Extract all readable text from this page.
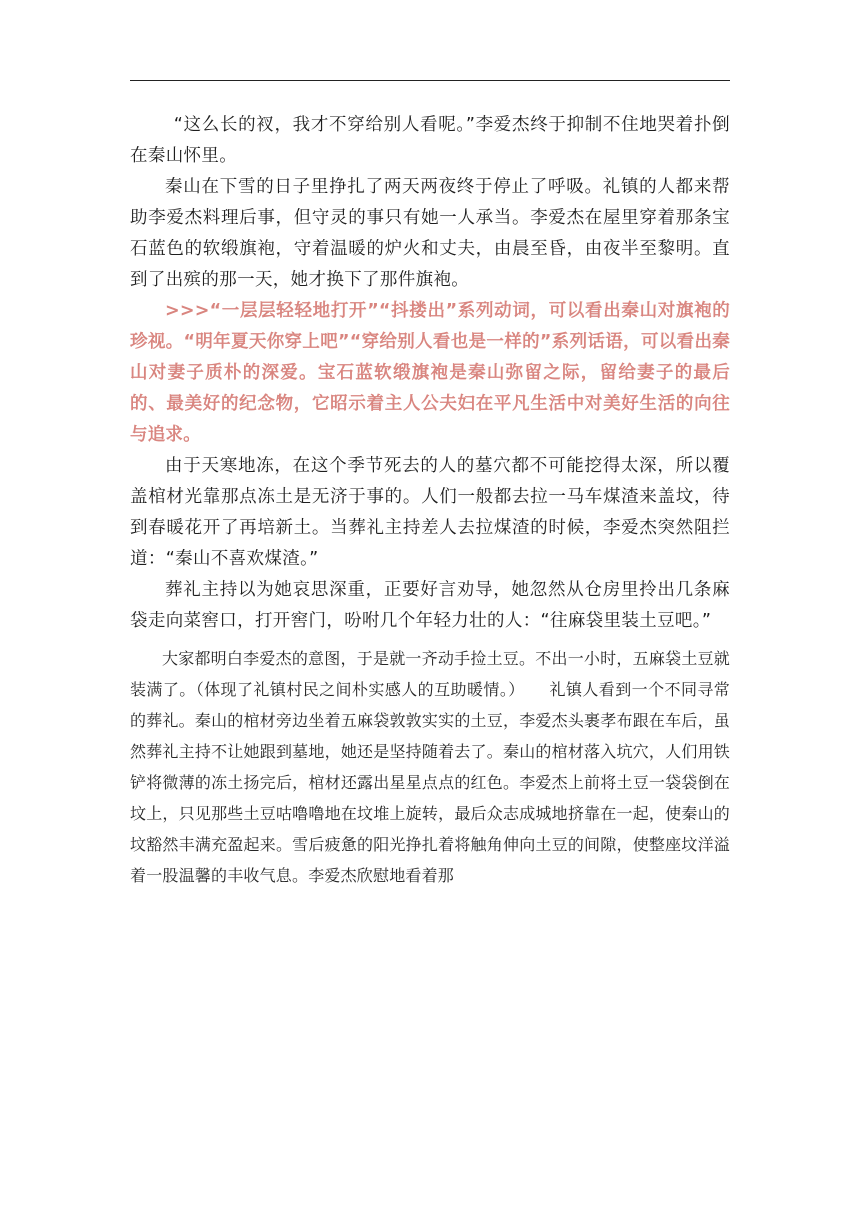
“这么长的衩，我才不穿给别人看呢。”李爱杰终于抑制不住地哭着扑倒在秦山怀里。

秦山在下雪的日子里挣扎了两天两夜终于停止了呼吸。礼镇的人都来帮助李爱杰料理后事，但守灵的事只有她一人承当。李爱杰在屋里穿着那条宝石蓝色的软缎旗袍，守着温暖的炉火和丈夫，由晨至昏，由夜半至黎明。直到了出殡的那一天，她才换下了那件旗袍。

>>>“一层层轻轻地打开”“抖搂出”系列动词，可以看出秦山对旗袍的珍视。“明年夏天你穿上吧”“穿给别人看也是一样的”系列话语，可以看出秦山对妻子质朴的深爱。宝石蓝软缎旗袍是秦山弥留之际，留给妻子的最后的、最美好的纪念物，它昭示着主人公夫妇在平凡生活中对美好生活的向往与追求。

由于天寒地冻，在这个季节死去的人的墓穴都不可能挖得太深，所以覆盖棺材光靠那点冻土是无济于事的。人们一般都去拉一马车煤渣来盖坟，待到春暖花开了再培新土。当葬礼主持差人去拉煤渣的时候，李爱杰突然阻拦道：“秦山不喜欢煤渣。”

葬礼主持以为她哀思深重，正要好言劝导，她忽然从仓房里拎出几条麻袋走向菜窖口，打开窖门，吩咐几个年轻力壮的人：“往麻袋里装土豆吧。”

大家都明白李爱杰的意图，于是就一齐动手捡土豆。不出一小时，五麻袋土豆就装满了。（体现了礼镇村民之间朴实感人的互助暖情。）　　礼镇人看到一个不同寻常的葬礼。秦山的棺材旁边坐着五麻袋敦敦实实的土豆，李爱杰头裹孝布跟在车后，虽然葬礼主持不让她跟到墓地，她还是坚持随着去了。秦山的棺材落入坑穴，人们用铁铲将微薄的冻土扬完后，棺材还露出星星点点的红色。李爱杰上前将土豆一袋袋倒在坟上，只见那些土豆咕噜噜地在坟堆上旋转，最后众志成城地挤靠在一起，使秦山的坟豁然丰满充盈起来。雪后疲惫的阳光挣扎着将触角伸向土豆的间隙，使整座坟洋溢着一股温馨的丰收气息。李爱杰欣慰地看着那
